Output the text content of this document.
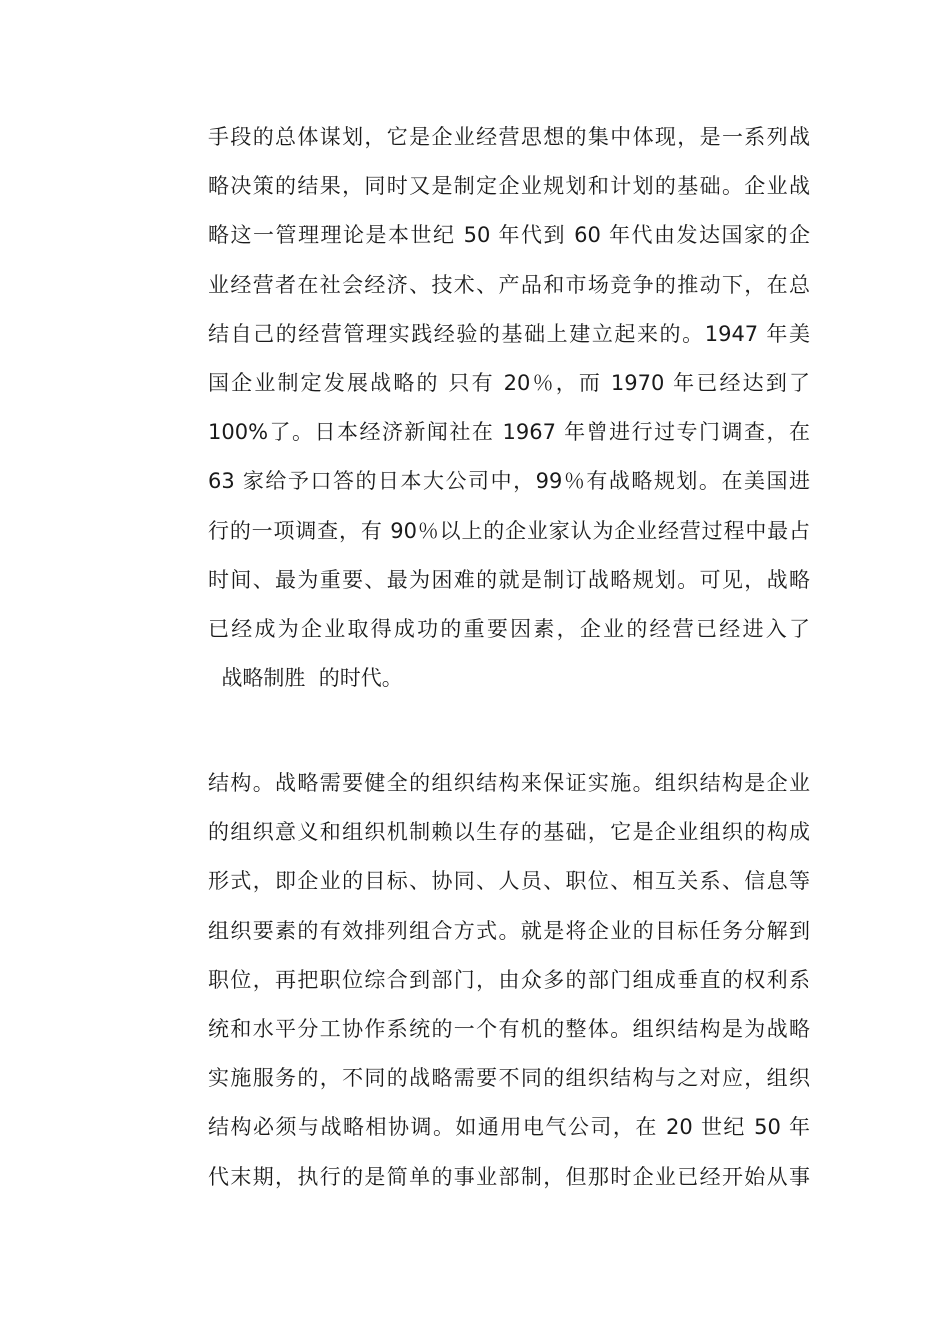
手段的总体谋划，它是企业经营思想的集中体现，是一系列战
略决策的结果，同时又是制定企业规划和计划的基础。企业战
略这一管理理论是本世纪 50 年代到 60 年代由发达国家的企
业经营者在社会经济、技术、产品和市场竞争的推动下，在总
结自己的经营管理实践经验的基础上建立起来的。1947 年美
国企业制定发展战略的 只有 20％，而 1970 年已经达到了
100%了。日本经济新闻社在 1967 年曾进行过专门调查，在
63 家给予口答的日本大公司中，99％有战略规划。在美国进
行的一项调查，有 90％以上的企业家认为企业经营过程中最占
时间、最为重要、最为困难的就是制订战略规划。可见，战略
已经成为企业取得成功的重要因素，企业的经营已经进入了
战略制胜  的时代。
结构。战略需要健全的组织结构来保证实施。组织结构是企业
的组织意义和组织机制赖以生存的基础，它是企业组织的构成
形式，即企业的目标、协同、人员、职位、相互关系、信息等
组织要素的有效排列组合方式。就是将企业的目标任务分解到
职位，再把职位综合到部门，由众多的部门组成垂直的权利系
统和水平分工协作系统的一个有机的整体。组织结构是为战略
实施服务的，不同的战略需要不同的组织结构与之对应，组织
结构必须与战略相协调。如通用电气公司，在 20 世纪 50 年
代末期，执行的是简单的事业部制，但那时企业已经开始从事
